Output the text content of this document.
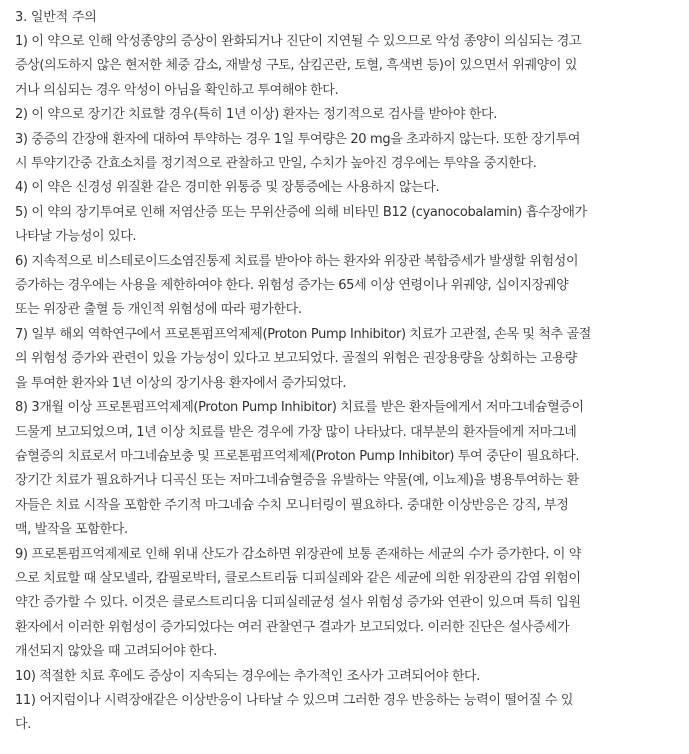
3. 일반적 주의
1) 이 약으로 인해 악성종양의 증상이 완화되거나 진단이 지연될 수 있으므로 악성 종양이 의심되는 경고
증상(의도하지 않은 현저한 체중 감소, 재발성 구토, 삼킴곤란, 토혈, 흑색변 등)이 있으면서 위궤양이 있
거나 의심되는 경우 악성이 아님을 확인하고 투여해야 한다.
2) 이 약으로 장기간 치료할 경우(특히 1년 이상) 환자는 정기적으로 검사를 받아야 한다.
3) 중증의 간장애 환자에 대하여 투약하는 경우 1일 투여량은 20 mg을 초과하지 않는다. 또한 장기투여
시 투약기간중 간효소치를 정기적으로 관찰하고 만일, 수치가 높아진 경우에는 투약을 중지한다.
4) 이 약은 신경성 위질환 같은 경미한 위통증 및 장통증에는 사용하지 않는다.
5) 이 약의 장기투여로 인해 저염산증 또는 무위산증에 의해 비타민 B12 (cyanocobalamin) 흡수장애가
나타날 가능성이 있다.
6) 지속적으로 비스테로이드소염진통제 치료를 받아야 하는 환자와 위장관 복합증세가 발생할 위험성이
증가하는 경우에는 사용을 제한하여야 한다. 위험성 증가는 65세 이상 연령이나 위궤양, 십이지장궤양
또는 위장관 출혈 등 개인적 위험성에 따라 평가한다.
7) 일부 해외 역학연구에서 프로톤펌프억제제(Proton Pump Inhibitor) 치료가 고관절, 손목 및 척추 골절
의 위험성 증가와 관련이 있을 가능성이 있다고 보고되었다. 골절의 위험은 권장용량을 상회하는 고용량
을 투여한 환자와 1년 이상의 장기사용 환자에서 증가되었다.
8) 3개월 이상 프로톤펌프억제제(Proton Pump Inhibitor) 치료를 받은 환자들에게서 저마그네슘혈증이
드물게 보고되었으며, 1년 이상 치료를 받은 경우에 가장 많이 나타났다. 대부분의 환자들에게 저마그네
슘혈증의 치료로서 마그네슘보충 및 프로톤펌프억제제(Proton Pump Inhibitor) 투여 중단이 필요하다.
장기간 치료가 필요하거나 디곡신 또는 저마그네슘혈증을 유발하는 약물(예, 이뇨제)을 병용투여하는 환
자들은 치료 시작을 포함한 주기적 마그네슘 수치 모니터링이 필요하다. 중대한 이상반응은 강직, 부정
맥, 발작을 포함한다.
9) 프로톤펌프억제제로 인해 위내 산도가 감소하면 위장관에 보통 존재하는 세균의 수가 증가한다. 이 약
으로 치료할 때 살모넬라, 캄필로박터, 클로스트리듐 디피실레와 같은 세균에 의한 위장관의 감염 위험이
약간 증가할 수 있다. 이것은 클로스트리디움 디피실레균성 설사 위험성 증가와 연관이 있으며 특히 입원
환자에서 이러한 위험성이 증가되었다는 여러 관찰연구 결과가 보고되었다. 이러한 진단은 설사증세가
개선되지 않았을 때 고려되어야 한다.
10) 적절한 치료 후에도 증상이 지속되는 경우에는 추가적인 조사가 고려되어야 한다.
11) 어지럼이나 시력장애같은 이상반응이 나타날 수 있으며 그러한 경우 반응하는 능력이 떨어질 수 있
다.
